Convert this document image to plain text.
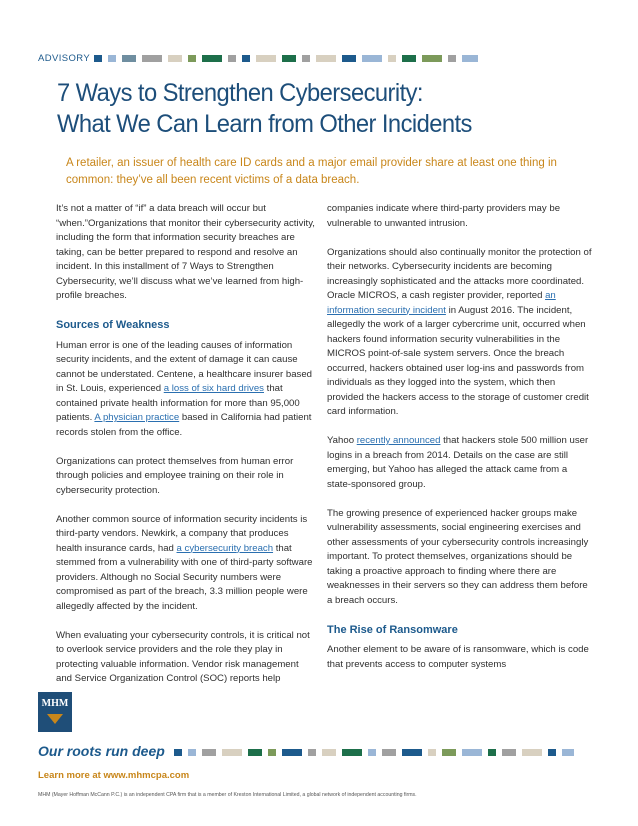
ADVISORY
7 Ways to Strengthen Cybersecurity:
What We Can Learn from Other Incidents
A retailer, an issuer of health care ID cards and a major email provider share at least one thing in common: they’ve all been recent victims of a data breach.

It’s not a matter of “if” a data breach will occur but “when.”Organizations that monitor their cybersecurity activity, including the form that information security breaches are taking, can be better prepared to respond and resolve an incident. In this installment of 7 Ways to Strengthen Cybersecurity, we’ll discuss what we’ve learned from high-profile breaches.

Sources of Weakness

Human error is one of the leading causes of information security incidents, and the extent of damage it can cause cannot be understated. Centene, a healthcare insurer based in St. Louis, experienced a loss of six hard drives that contained private health information for more than 95,000 patients. A physician practice based in California had patient records stolen from the office.

Organizations can protect themselves from human error through policies and employee training on their role in cybersecurity protection.

Another common source of information security incidents is third-party vendors. Newkirk, a company that produces health insurance cards, had a cybersecurity breach that stemmed from a vulnerability with one of third-party software providers. Although no Social Security numbers were compromised as part of the breach, 3.3 million people were allegedly affected by the incident.

When evaluating your cybersecurity controls, it is critical not to overlook service providers and the role they play in protecting valuable information. Vendor risk management and Service Organization Control (SOC) reports help

companies indicate where third-party providers may be vulnerable to unwanted intrusion.

Organizations should also continually monitor the protection of their networks. Cybersecurity incidents are becoming increasingly sophisticated and the attacks more coordinated. Oracle MICROS, a cash register provider, reported an information security incident in August 2016. The incident, allegedly the work of a larger cybercrime unit, occurred when hackers found information security vulnerabilities in the MICROS point-of-sale system servers. Once the breach occurred, hackers obtained user log-ins and passwords from individuals as they logged into the system, which then provided the hackers access to the storage of customer credit card information.

Yahoo recently announced that hackers stole 500 million user logins in a breach from 2014. Details on the case are still emerging, but Yahoo has alleged the attack came from a state-sponsored group.

The growing presence of experienced hacker groups make vulnerability assessments, social engineering exercises and other assessments of your cybersecurity controls increasingly important. To protect themselves, organizations should be taking a proactive approach to finding where there are weaknesses in their servers so they can address them before a breach occurs.

The Rise of Ransomware

Another element to be aware of is ransomware, which is code that prevents access to computer systems

MHM
Our roots run deep
Learn more at www.mhmcpa.com
MHM (Mayer Hoffman McCann P.C.) is an independent CPA firm that is a member of Kreston International Limited, a global network of independent accounting firms.
